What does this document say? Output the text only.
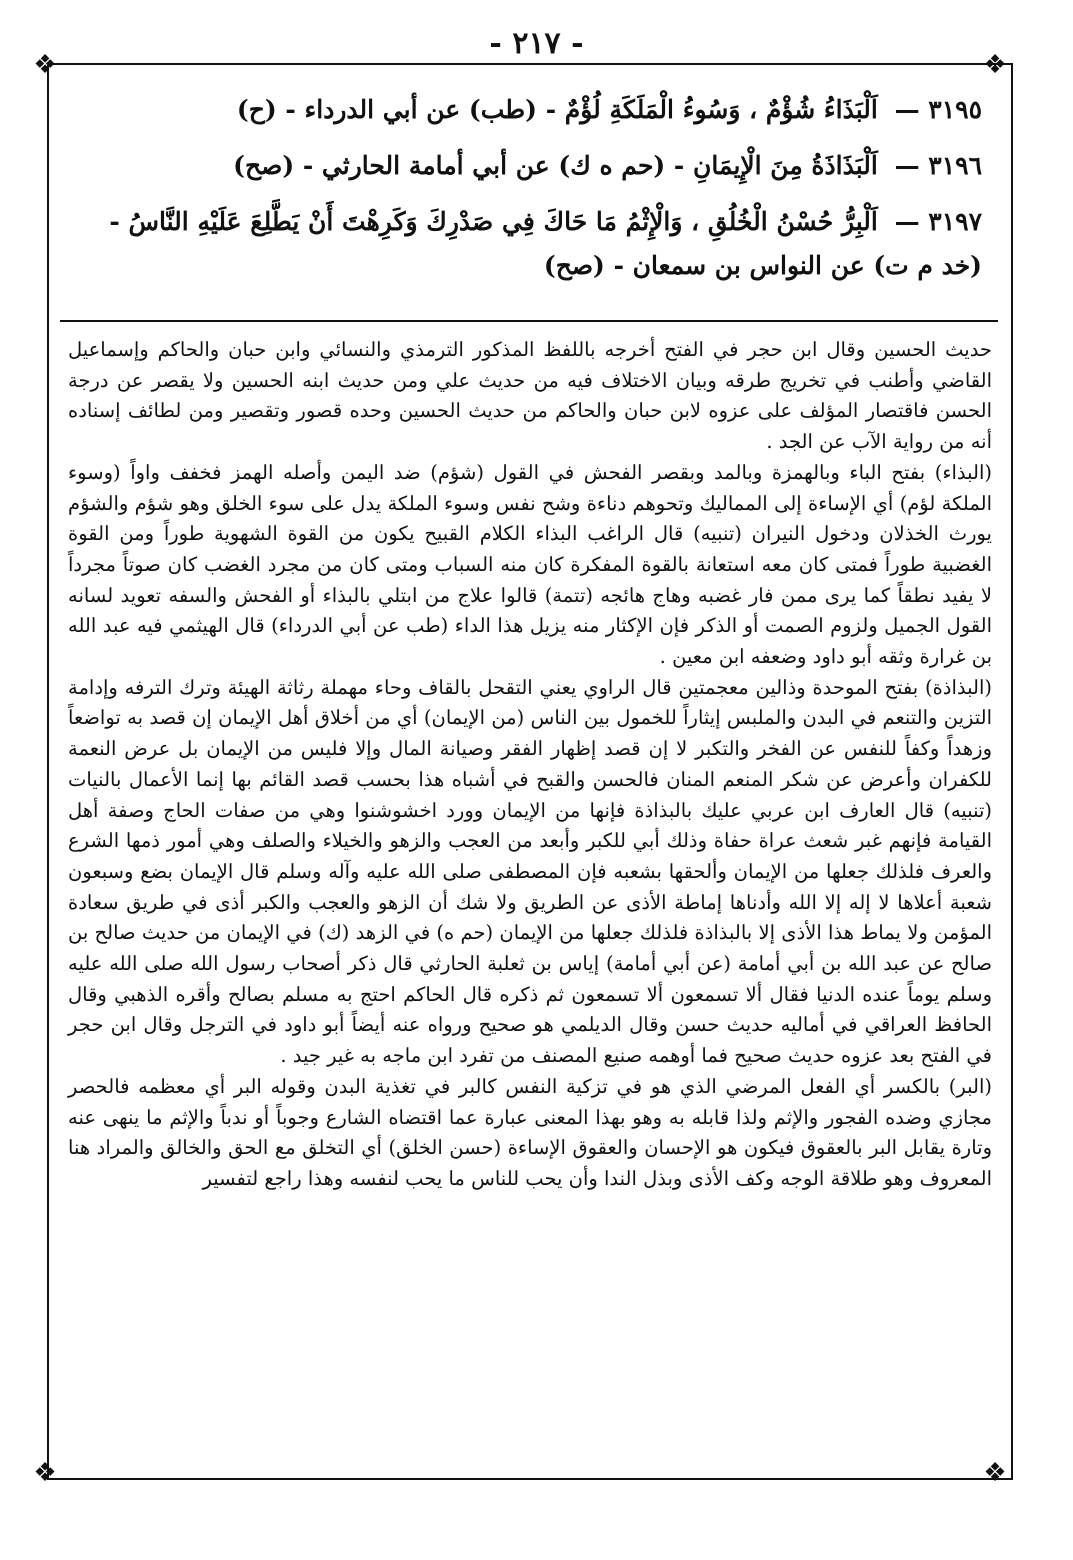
- ٢١٧ -
❖	❖
❖	❖
٣١٩٥ — اَلْبَذَاءُ شُؤْمٌ ، وَسُوءُ الْمَلَكَةِ لُؤْمٌ - (طب) عن أبي الدرداء - (ح)
٣١٩٦ — اَلْبَذَاذَةُ مِنَ الْإِيمَانِ - (حم ه ك) عن أبي أمامة الحارثي - (صح)
٣١٩٧ — اَلْبِرُّ حُسْنُ الْخُلُقِ ، وَالْإِثْمُ مَا حَاكَ فِي صَدْرِكَ وَكَرِهْتَ أَنْ يَطَّلِعَ عَلَيْهِ النَّاسُ - (خد م ت) عن النواس بن سمعان - (صح)

حديث الحسين وقال ابن حجر في الفتح أخرجه باللفظ المذكور الترمذي والنسائي وابن حبان والحاكم وإسماعيل القاضي وأطنب في تخريج طرقه وبيان الاختلاف فيه من حديث علي ومن حديث ابنه الحسين ولا يقصر عن درجة الحسن فاقتصار المؤلف على عزوه لابن حبان والحاكم من حديث الحسين وحده قصور وتقصير ومن لطائف إسناده أنه من رواية الآب عن الجد .

(البذاء) بفتح الباء وبالهمزة وبالمد وبقصر الفحش في القول (شؤم) ضد اليمن وأصله الهمز فخفف واواً (وسوء الملكة لؤم) أي الإساءة إلى المماليك وتحوهم دناءة وشح نفس وسوء الملكة يدل على سوء الخلق وهو شؤم والشؤم يورث الخذلان ودخول النيران (تنبيه) قال الراغب البذاء الكلام القبيح يكون من القوة الشهوية طوراً ومن القوة الغضبية طوراً فمتى كان معه استعانة بالقوة المفكرة كان منه السباب ومتى كان من مجرد الغضب كان صوتاً مجرداً لا يفيد نطقاً كما يرى ممن فار غضبه وهاج هائجه (تتمة) قالوا علاج من ابتلي بالبذاء أو الفحش والسفه تعويد لسانه القول الجميل ولزوم الصمت أو الذكر فإن الإكثار منه يزيل هذا الداء (طب عن أبي الدرداء) قال الهيثمي فيه عبد الله بن غرارة وثقه أبو داود وضعفه ابن معين .

(البذاذة) بفتح الموحدة وذالين معجمتين قال الراوي يعني التقحل بالقاف وحاء مهملة رثاثة الهيئة وترك الترفه وإدامة التزين والتنعم في البدن والملبس إيثاراً للخمول بين الناس (من الإيمان) أي من أخلاق أهل الإيمان إن قصد به تواضعاً وزهداً وكفاً للنفس عن الفخر والتكبر لا إن قصد إظهار الفقر وصيانة المال وإلا فليس من الإيمان بل عرض النعمة للكفران وأعرض عن شكر المنعم المنان فالحسن والقبح في أشباه هذا بحسب قصد القائم بها إنما الأعمال بالنيات (تنبيه) قال العارف ابن عربي عليك بالبذاذة فإنها من الإيمان وورد اخشوشنوا وهي من صفات الحاج وصفة أهل القيامة فإنهم غبر شعث عراة حفاة وذلك أبي للكبر وأبعد من العجب والزهو والخيلاء والصلف وهي أمور ذمها الشرع والعرف فلذلك جعلها من الإيمان وألحقها بشعبه فإن المصطفى صلى الله عليه وآله وسلم قال الإيمان بضع وسبعون شعبة أعلاها لا إله إلا الله وأدناها إماطة الأذى عن الطريق ولا شك أن الزهو والعجب والكبر أذى في طريق سعادة المؤمن ولا يماط هذا الأذى إلا بالبذاذة فلذلك جعلها من الإيمان (حم ه) في الزهد (ك) في الإيمان من حديث صالح بن صالح عن عبد الله بن أبي أمامة (عن أبي أمامة) إياس بن ثعلبة الحارثي قال ذكر أصحاب رسول الله صلى الله عليه وسلم يوماً عنده الدنيا فقال ألا تسمعون ألا تسمعون ثم ذكره قال الحاكم احتج به مسلم بصالح وأقره الذهبي وقال الحافظ العراقي في أماليه حديث حسن وقال الديلمي هو صحيح ورواه عنه أيضاً أبو داود في الترجل وقال ابن حجر في الفتح بعد عزوه حديث صحيح فما أوهمه صنيع المصنف من تفرد ابن ماجه به غير جيد .

(البر) بالكسر أي الفعل المرضي الذي هو في تزكية النفس كالبر في تغذية البدن وقوله البر أي معظمه فالحصر مجازي وضده الفجور والإثم ولذا قابله به وهو بهذا المعنى عبارة عما اقتضاه الشارع وجوباً أو ندباً والإثم ما ينهى عنه وتارة يقابل البر بالعقوق فيكون هو الإحسان والعقوق الإساءة (حسن الخلق) أي التخلق مع الحق والخالق والمراد هنا المعروف وهو طلاقة الوجه وكف الأذى وبذل الندا وأن يحب للناس ما يحب لنفسه وهذا راجع لتفسير
